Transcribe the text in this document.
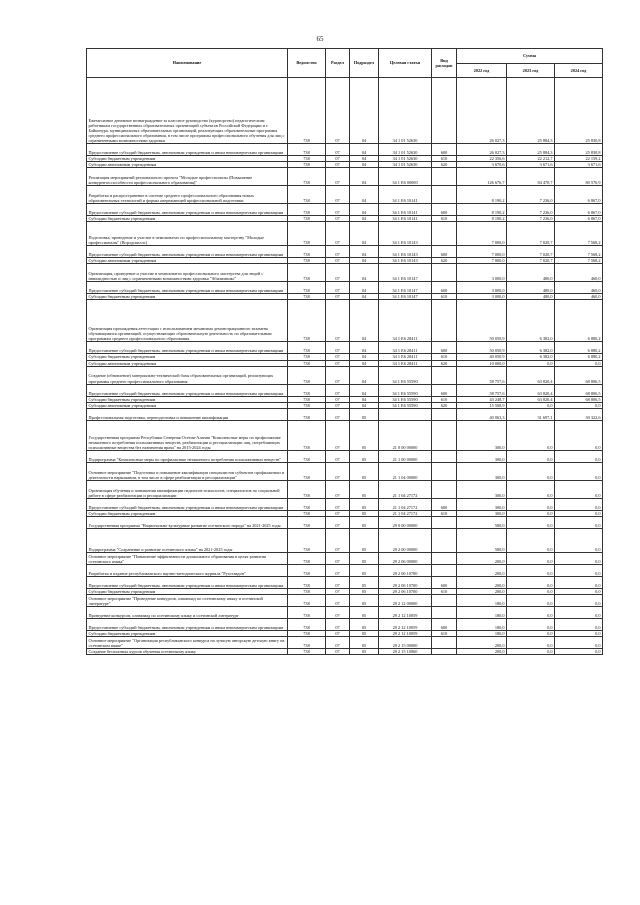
65
Наименование	Ведомство	Раздел	Подраздел	Целевая статья	Вид расходов	Сумма		
						2022 год	2023 год	2024 год
Ежемесячное денежное вознаграждение за классное руководство (кураторство) педагогическим работникам государственных образовательных организаций субъектов Российской Федерации и г. Байконура, муниципальных образовательных организаций, реализующих образовательные программы среднего профессионального образования, в том числе программы профессионального обучения для лиц с ограниченными возможностями здоровья	738	07	04	34 1 01 52630		26 027,3	25 884,3	25 830,8
Предоставление субсидий бюджетным, автономным учреждениям и иным некоммерческим организациям	738	07	04	34 1 01 52630	600	26 027,3	25 884,3	25 830,8
Субсидии бюджетным учреждениям	738	07	04	34 1 01 52630	610	22 356,6	22 212,7	22 159,2
Субсидии автономным учреждениям	738	07	04	34 1 01 52630	620	3 670,6	3 671,6	3 671,6
Реализация мероприятий регионального проекта "Молодые профессионалы (Повышение конкурентоспособности профессионального образования)"	738	07	04	34 1 E6 00000		126 676,7	84 470,7	80 576,9
Разработка и распространение в системе среднего профессионального образования новых образовательных технологий и формы опережающей профессиональной подготовки	738	07	04	34 1 E6 10141		8 190,2	7 236,0	6 867,0
Предоставление субсидий бюджетным, автономным учреждениям и иным некоммерческим организациям	738	07	04	34 1 E6 10141	600	8 190,2	7 236,0	6 867,0
Субсидии бюджетным учреждениям	738	07	04	34 1 E6 10141	610	8 190,2	7 236,0	6 867,0
Подготовка, проведение и участие в чемпионатах по профессиональному мастерству "Молодые профессионалы" (Ворлдскиллс)	738	07	04	34 1 E6 10143		7 000,0	7 020,7	7 568,2
Предоставление субсидий бюджетным, автономным учреждениям и иным некоммерческим организациям	738	07	04	34 1 E6 10143	600	7 000,0	7 020,7	7 568,2
Субсидии автономным учреждениям	738	07	04	34 1 E6 10143	620	7 000,0	7 020,7	7 568,2
Организация, проведение и участие в чемпионатах профессионального мастерства для людей с инвалидностью и лиц с ограниченными возможностями здоровья "Абилимпикс"	738	07	04	34 1 E6 10147		3 000,0	480,0	460,0
Предоставление субсидий бюджетным, автономным учреждениям и иным некоммерческим организациям	738	07	04	34 1 E6 10147	600	3 000,0	480,0	460,0
Субсидии бюджетным учреждениям	738	07	04	34 1 E6 10147	610	3 000,0	480,0	460,0
Организация прохождения аттестации с использованием механизма демонстрационного экзамена обучающимися организаций, осуществляющих образовательную деятельность по образовательным программам среднего профессионального образования	738	07	04	34 1 E6 28411		50 050,9	6 382,0	6 880,2
Предоставление субсидий бюджетным, автономным учреждениям и иным некоммерческим организациям	738	07	04	34 1 E6 28411	600	50 050,9	6 382,0	6 880,2
Субсидии бюджетным учреждениям	738	07	04	34 1 E6 28411	610	40 050,9	6 382,0	6 880,2
Субсидии автономным учреждениям	738	07	04	34 1 E6 28411	620	10 000,0	0,0	0,0
Создание (обновление) материально-технической базы образовательных организаций, реализующих программы среднего профессионального образования	738	07	04	34 1 E6 55590		58 757,6	63 820,4	68 806,5
Предоставление субсидий бюджетным, автономным учреждениям и иным некоммерческим организациям	738	07	04	34 1 E6 55590	600	58 757,6	63 820,4	68 806,5
Субсидии бюджетным учреждениям	738	07	04	34 1 E6 55590	610	43 248,7	63 820,4	68 806,5
Субсидии автономным учреждениям	738	07	04	34 1 E6 55590	620	15 508,9	0,0	0,0
Профессиональная подготовка, переподготовка и повышение квалификации	738	07	05			40 063,3	31 697,1	30 322,6
Государственная программа Республики Северная Осетия-Алания "Комплексные меры по профилактике незаконного потребления психоактивных веществ, реабилитации и ресоциализации лиц, потребляющих психоактивные вещества без назначения врача" на 2015-2024 годы	738	07	05	21 0 00 00000		300,0	0,0	0,0
Подпрограмма "Комплексные меры по профилактике незаконного потребления психоактивных веществ"	738	07	05	21 1 00 00000		300,0	0,0	0,0
Основное мероприятие "Подготовка и повышение квалификации специалистов субъектов профилактики и деятельности наркомании, в том числе в сфере реабилитации и ресоциализации"	738	07	05	21 1 04 00000		300,0	0,0	0,0
Организация обучения и повышения квалификации педагогов-психологов, специалистов по социальной работе в сфере реабилитации и ресоциализации	738	07	05	21 1 04 27172		300,0	0,0	0,0
Предоставление субсидий бюджетным, автономным учреждениям и иным некоммерческим организациям	738	07	05	21 1 04 27172	600	300,0	0,0	0,0
Субсидии бюджетным учреждениям	738	07	05	21 1 04 27172	610	300,0	0,0	0,0
Государственная программа "Национально-культурные развитие осетинского народа" на 2021-2025 годы	738	07	05	29 0 00 00000		580,0	0,0	0,0
Подпрограмма "Сохранение и развитие осетинского языка" на 2021-2025 годы	738	07	05	29 2 00 00000		580,0	0,0	0,0
Основное мероприятие "Повышение эффективности дошкольного образования в целях развития осетинского языка"	738	07	05	29 2 06 00000		200,0	0,0	0,0
Разработка и издание республиканского научно-методического журнала "Рухставдон"	738	07	05	29 2 06 10700		200,0	0,0	0,0
Предоставление субсидий бюджетным, автономным учреждениям и иным некоммерческим организациям	738	07	05	29 2 06 10700	600	200,0	0,0	0,0
Субсидии бюджетным учреждениям	738	07	05	29 2 06 10700	610	200,0	0,0	0,0
Основное мероприятие "Проведение конкурсов, олимпиад по осетинскому языку и осетинской литературе"	738	07	05	29 2 12 00000		180,0	0,0	0,0
Проведение конкурсов, олимпиад по осетинскому языку и осетинской литературе	738	07	05	29 2 12 10059		180,0	0,0	0,0
Предоставление субсидий бюджетным, автономным учреждениям и иным некоммерческим организациям	738	07	05	29 2 12 10059	600	180,0	0,0	0,0
Субсидии бюджетным учреждениям	738	07	05	29 2 12 10059	610	180,0	0,0	0,0
Основное мероприятие "Организация республиканского конкурса на лучшую авторскую детскую книгу на осетинском языке"	738	07	05	29 2 15 00000		200,0	0,0	0,0
Создание бесплатных курсов обучения осетинскому языку	738	07	05	29 2 15 10060		200,0	0,0	0,0
